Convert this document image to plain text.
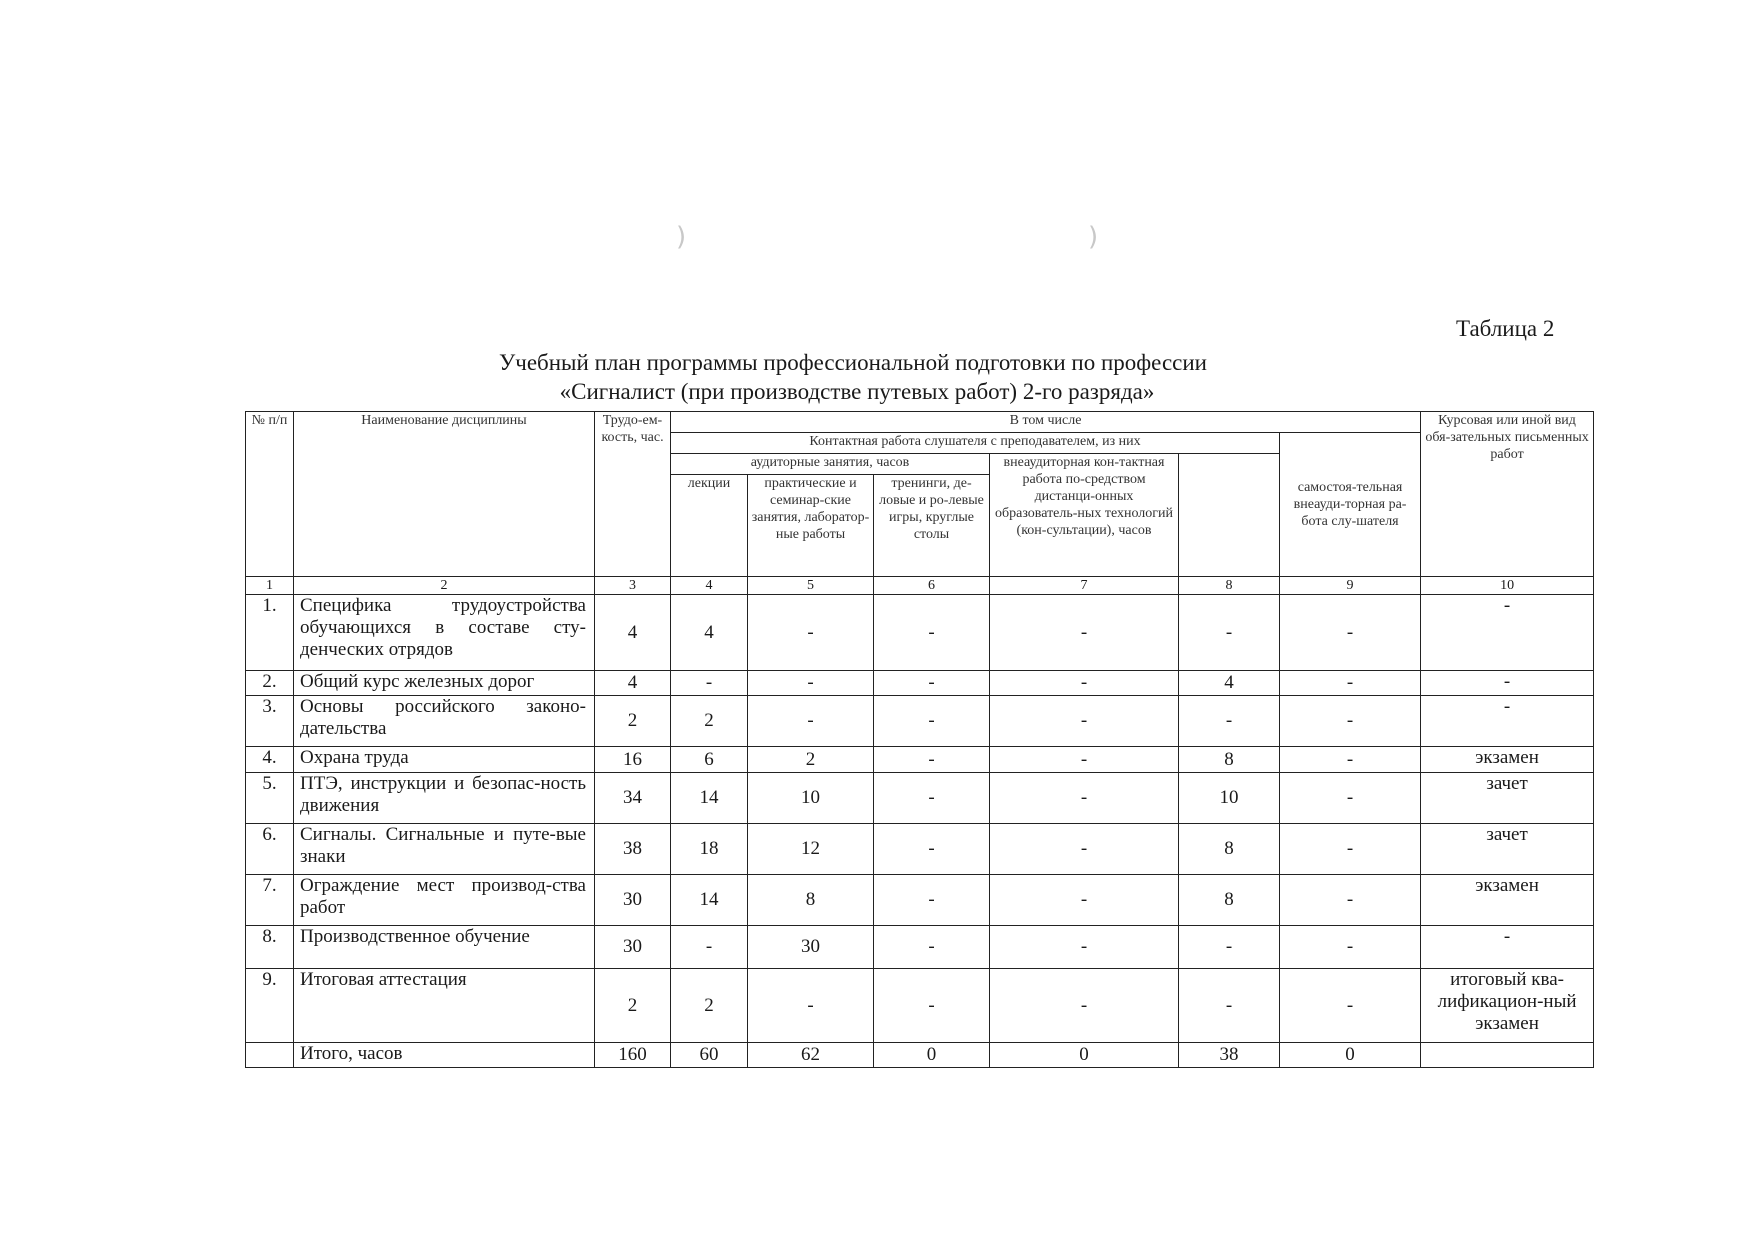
)	)
Таблица 2
Учебный план программы профессиональной подготовки по профессии
«Сигналист (при производстве путевых работ) 2-го разряда»
№ п/п	Наименование дисциплины	Трудо-ем-кость, час.	В том числе						Курсовая или иной вид обя-зательных письменных работ	
			Контактная работа слушателя с преподавателем, из них					самостоя-тельная внеауди-торная ра-бота слу-шателя		
			аудиторные занятия, часов			внеаудиторная кон-тактная работа по-средством дистанци-онных образователь-ных технологий (кон-сультации), часов				
			лекции	практические и семинар-ские занятия, лаборатор-ные работы	тренинги, де-ловые и ро-левые игры, круглые столы					
1	2	3	4	5	6	7	8	9	10	
1.	Специфика трудоустройства обучающихся в составе сту-денческих отрядов	4	4	-	-	-	-	-	-	
2.	Общий курс железных дорог	4	-	-	-	-	4	-	-	
3.	Основы российского законо-дательства	2	2	-	-	-	-	-	-	
4.	Охрана труда	16	6	2	-	-	8	-	экзамен	
5.	ПТЭ, инструкции и безопас-ность движения	34	14	10	-	-	10	-	зачет	
6.	Сигналы. Сигнальные и путе-вые знаки	38	18	12	-	-	8	-	зачет	
7.	Ограждение мест производ-ства работ	30	14	8	-	-	8	-	экзамен	
8.	Производственное обучение	30	-	30	-	-	-	-	-	
9.	Итоговая аттестация	2	2	-	-	-	-	-	итоговый ква-лификацион-ный экзамен	
	Итого, часов	160	60	62	0	0	38	0		
